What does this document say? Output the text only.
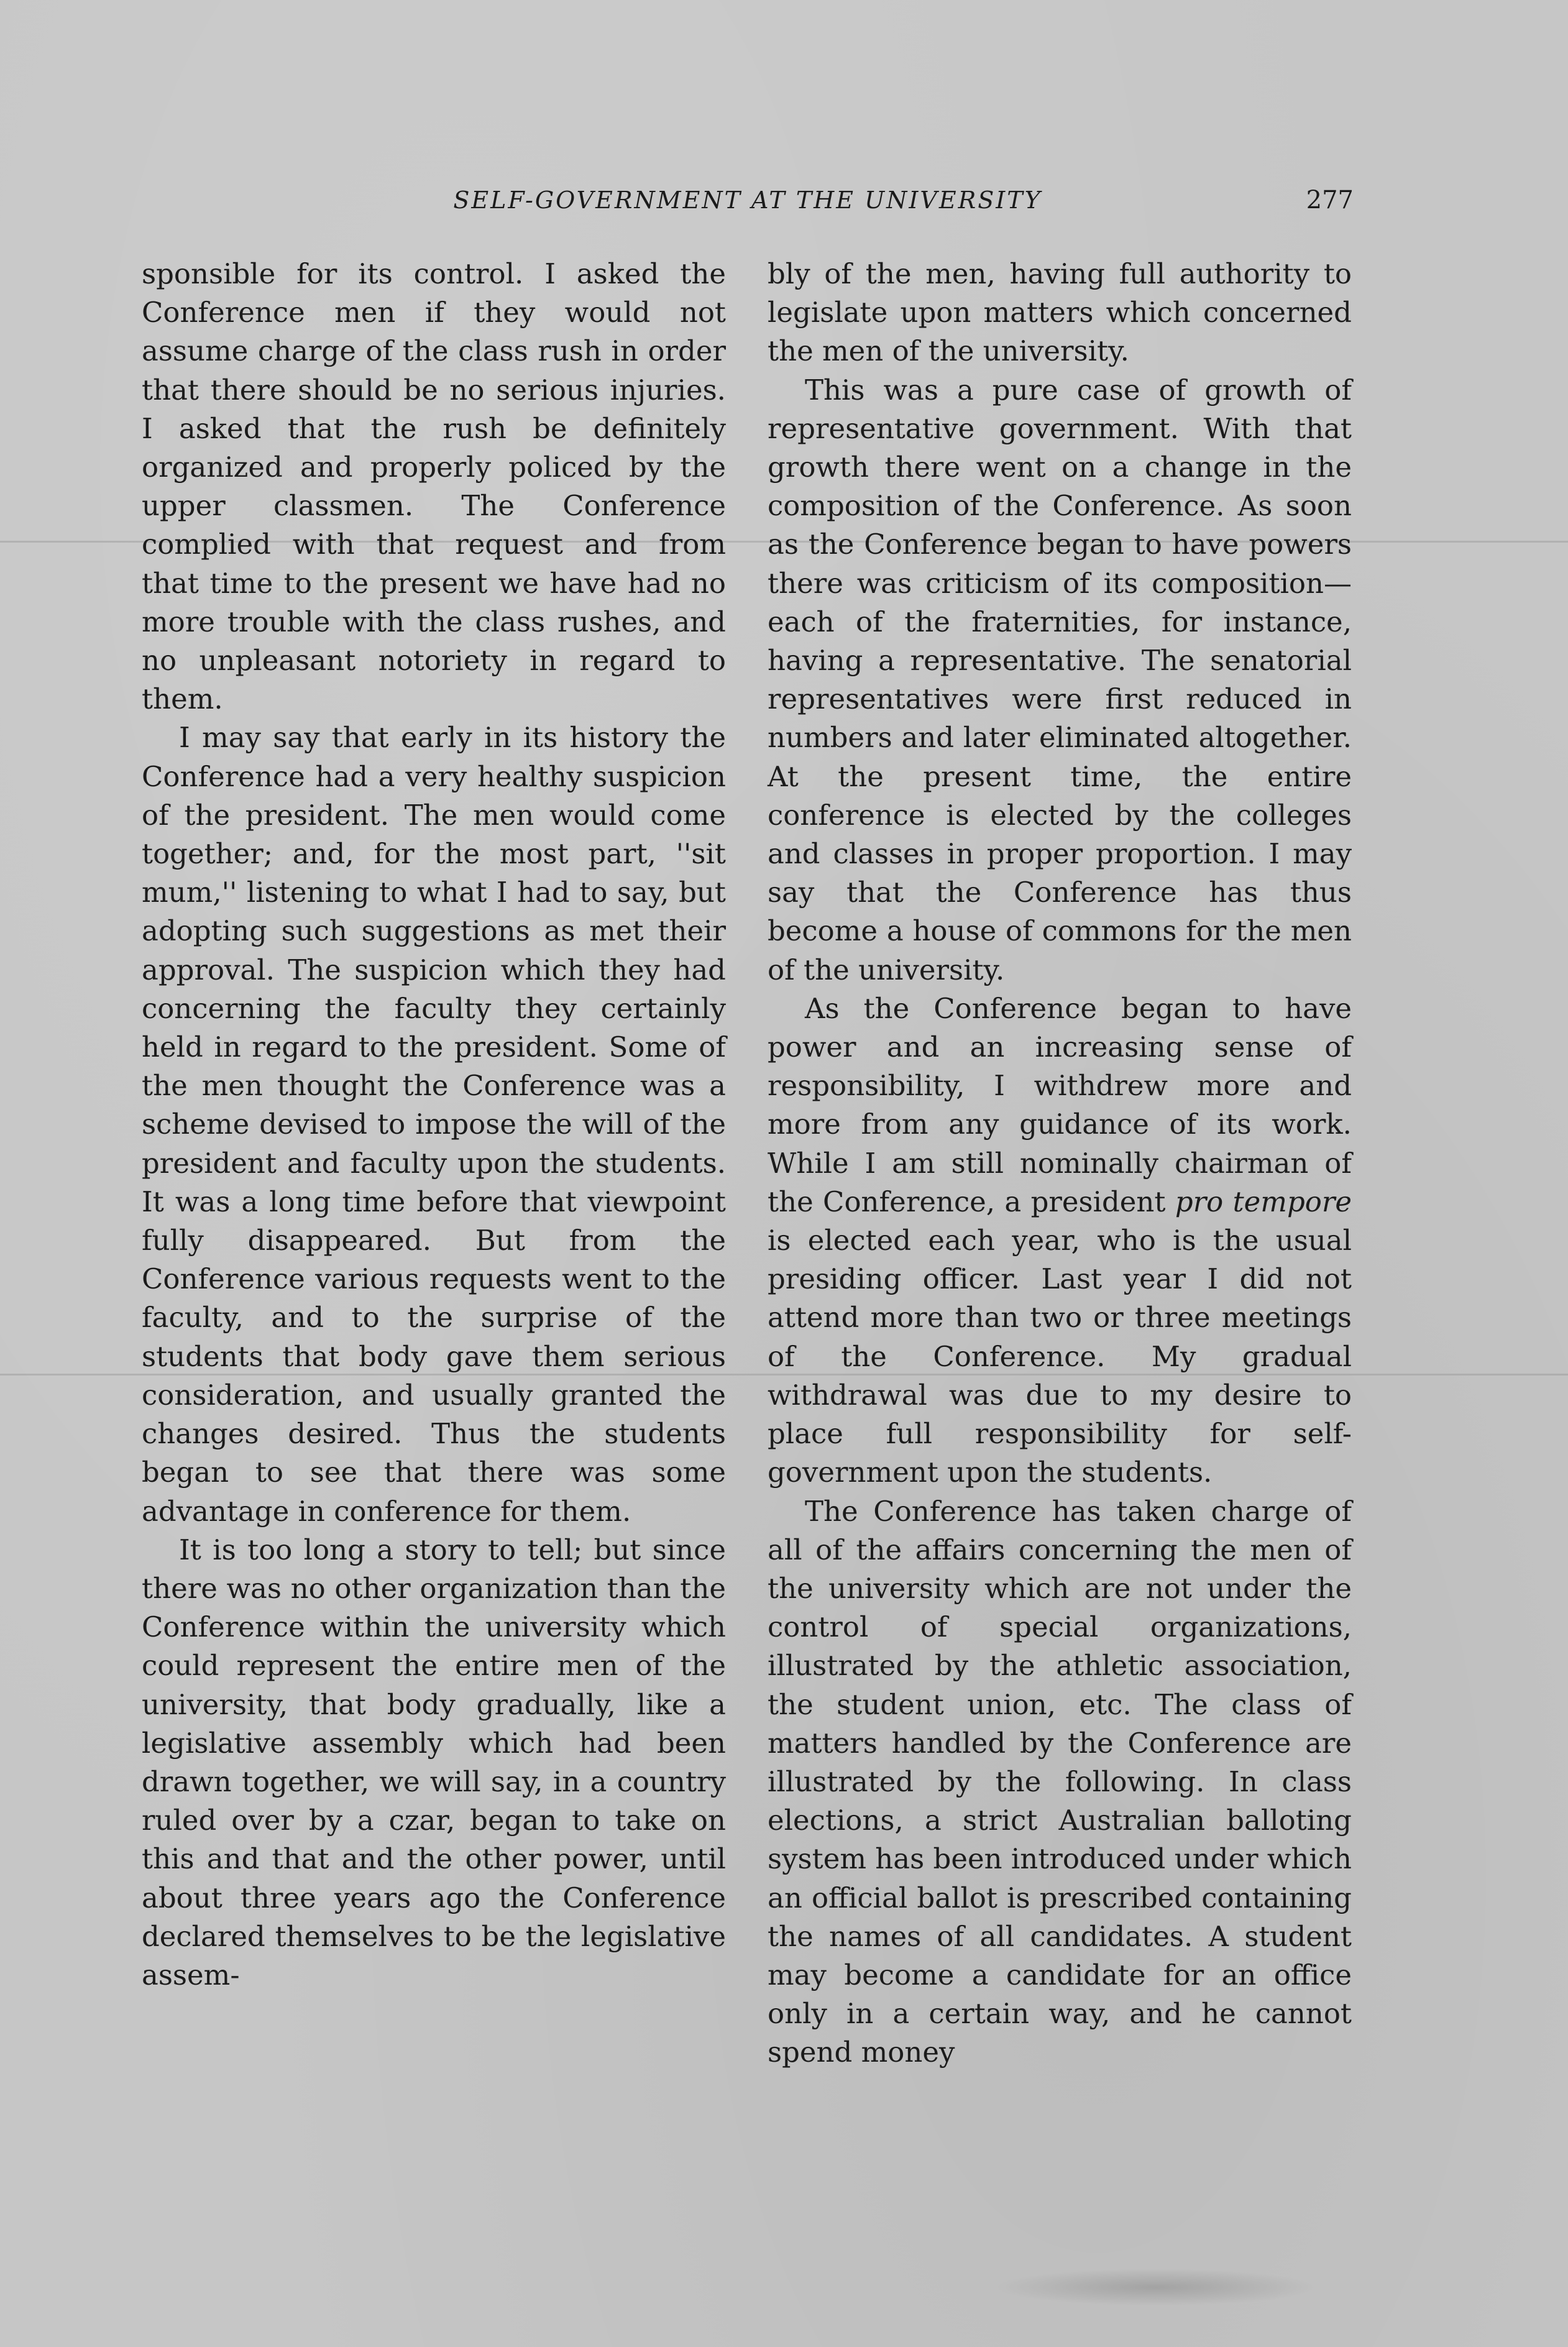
SELF-GOVERNMENT AT THE UNIVERSITY	277

sponsible for its control. I asked the Conference men if they would not assume charge of the class rush in order that there should be no serious injuries. I asked that the rush be definitely organized and properly policed by the upper classmen. The Conference complied with that request and from that time to the present we have had no more trouble with the class rushes, and no unpleasant notoriety in regard to them.

I may say that early in its history the Conference had a very healthy suspicion of the president. The men would come together; and, for the most part, ''sit mum,'' listening to what I had to say, but adopting such suggestions as met their approval. The suspicion which they had concerning the faculty they certainly held in regard to the president. Some of the men thought the Conference was a scheme devised to impose the will of the president and faculty upon the students. It was a long time before that viewpoint fully disappeared. But from the Conference various requests went to the faculty, and to the surprise of the students that body gave them serious consideration, and usually granted the changes desired. Thus the students began to see that there was some advantage in conference for them.

It is too long a story to tell; but since there was no other organization than the Conference within the university which could represent the entire men of the university, that body gradually, like a legislative assembly which had been drawn together, we will say, in a country ruled over by a czar, began to take on this and that and the other power, until about three years ago the Conference declared themselves to be the legislative assem-

bly of the men, having full authority to legislate upon matters which concerned the men of the university.

This was a pure case of growth of representative government. With that growth there went on a change in the composition of the Conference. As soon as the Conference began to have powers there was criticism of its composition—each of the fraternities, for instance, having a representative. The senatorial representatives were first reduced in numbers and later eliminated altogether. At the present time, the entire conference is elected by the colleges and classes in proper proportion. I may say that the Conference has thus become a house of commons for the men of the university.

As the Conference began to have power and an increasing sense of responsibility, I withdrew more and more from any guidance of its work. While I am still nominally chairman of the Conference, a president pro tempore is elected each year, who is the usual presiding officer. Last year I did not attend more than two or three meetings of the Conference. My gradual withdrawal was due to my desire to place full responsibility for self-government upon the students.

The Conference has taken charge of all of the affairs concerning the men of the university which are not under the control of special organizations, illustrated by the athletic association, the student union, etc. The class of matters handled by the Conference are illustrated by the following. In class elections, a strict Australian balloting system has been introduced under which an official ballot is prescribed containing the names of all candidates. A student may become a candidate for an office only in a certain way, and he cannot spend money
